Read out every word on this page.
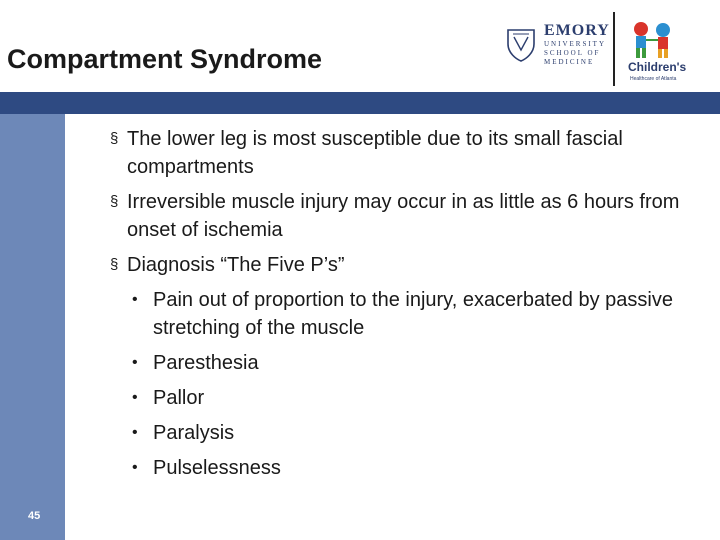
Compartment Syndrome
EMORY
UNIVERSITY
SCHOOL OF
MEDICINE	Children's
Healthcare of Atlanta
45
§ The lower leg is most susceptible due to its small fascial compartments
§ Irreversible muscle injury may occur in as little as 6 hours from onset of ischemia
§ Diagnosis “The Five P’s”
• Pain out of proportion to the injury, exacerbated by passive stretching of the muscle
• Paresthesia
• Pallor
• Paralysis
• Pulselessness
